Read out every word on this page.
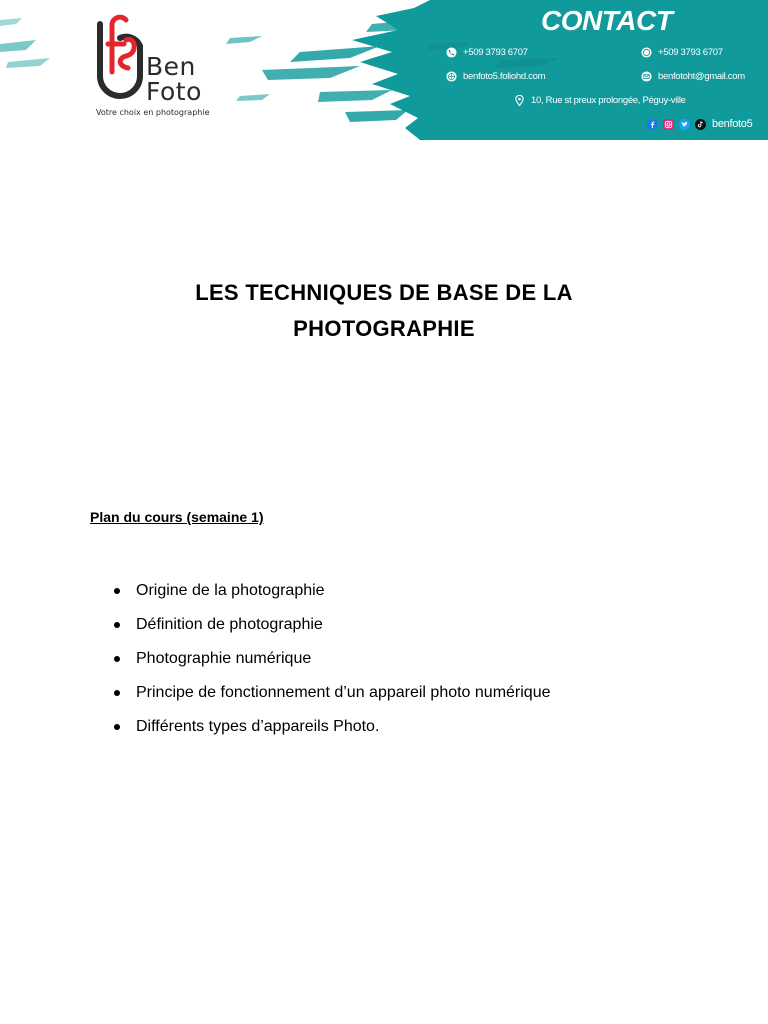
Ben
Foto
Votre choix en photographie
CONTACT
+509 3793 6707	+509 3793 6707
benfoto5.foliohd.com	benfotoht@gmail.com
10, Rue st preux prolongée, Péguy-ville
benfoto5
LES TECHNIQUES DE BASE DE LA
PHOTOGRAPHIE
Plan du cours (semaine 1)
Origine de la photographie
Définition de photographie
Photographie numérique
Principe de fonctionnement d’un appareil photo numérique
Différents types d’appareils Photo.
